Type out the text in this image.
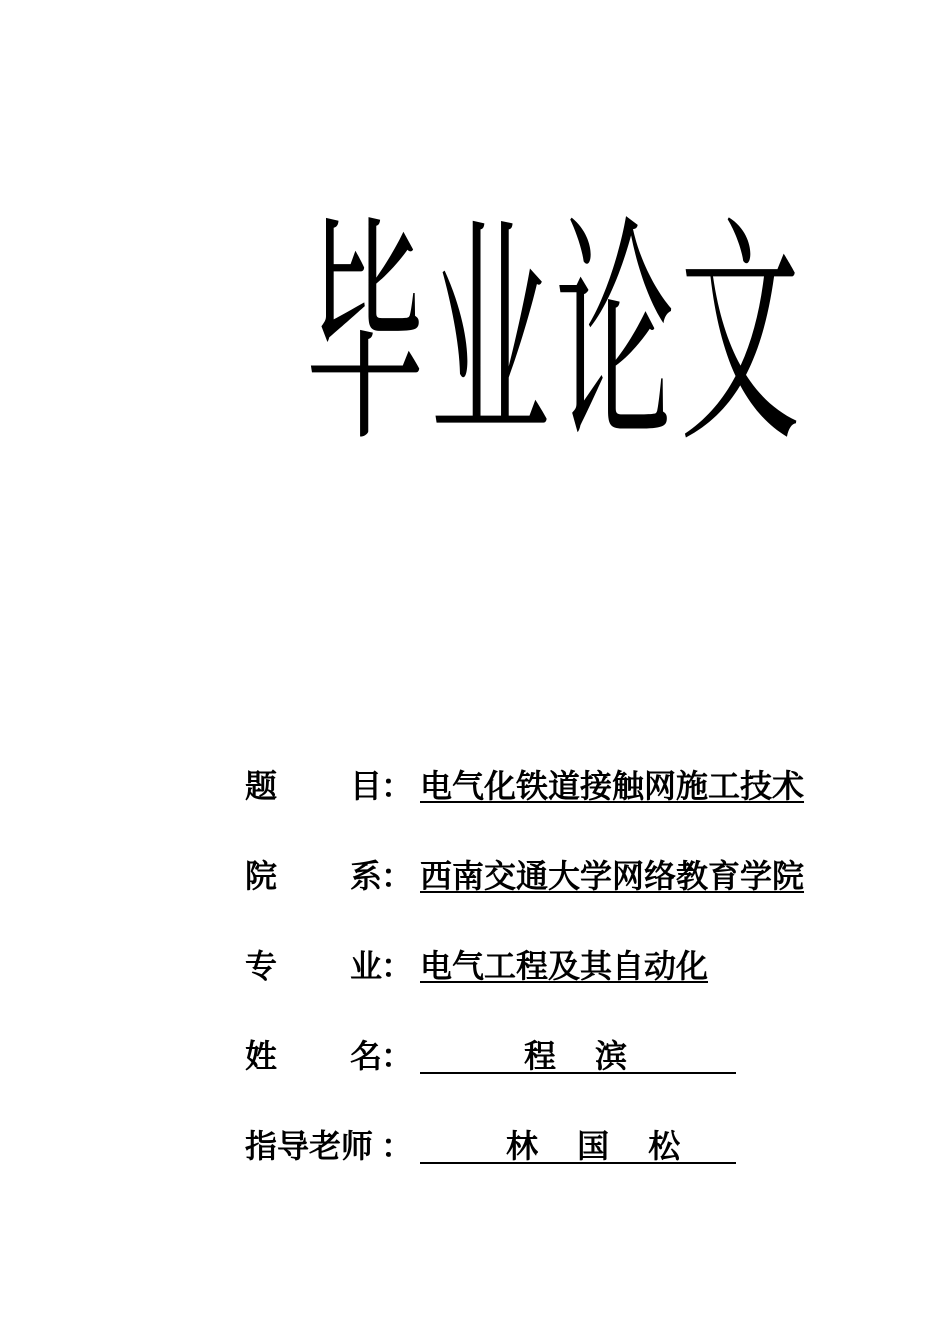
毕 业 论 文
题 目
： 电气化铁道接触网施工技术
院 系
： 西南交通大学网络教育学院
专 业
： 电气工程及其自动化
姓 名
：	程 滨
指导老师 ：	林 国 松
